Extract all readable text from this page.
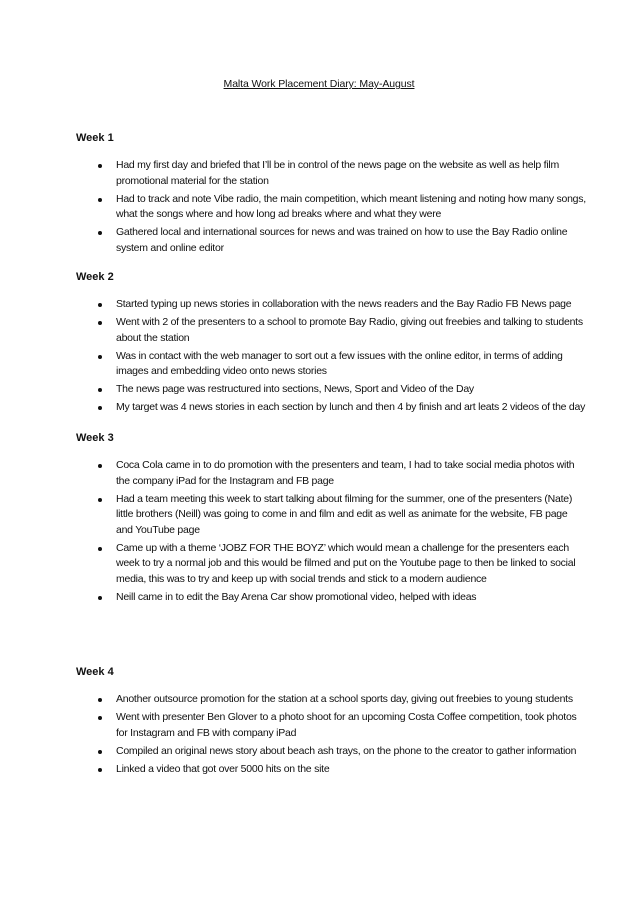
Malta Work Placement Diary: May-August
Week 1
Had my first day and briefed that I’ll be in control of the news page on the website as well as help film promotional material for the station
Had to track and note Vibe radio, the main competition, which meant listening and noting how many songs, what the songs where and how long ad breaks where and what they were
Gathered local and international sources for news and was trained on how to use the Bay Radio online system and online editor
Week 2
Started typing up news stories in collaboration with the news readers and the Bay Radio FB News page
Went with 2 of the presenters to a school to promote Bay Radio, giving out freebies and talking to students about the station
Was in contact with the web manager to sort out a few issues with the online editor, in terms of adding images and embedding video onto news stories
The news page was restructured into sections, News, Sport and Video of the Day
My target was 4 news stories in each section by lunch and then 4 by finish and art leats 2 videos of the day
Week 3
Coca Cola came in to do promotion with the presenters and team, I had to take social media photos with the company iPad for the Instagram and FB page
Had a team meeting this week to start talking about filming for the summer, one of the presenters (Nate) little brothers (Neill) was going to come in and film and edit as well as animate for the website, FB page and YouTube page
Came up with a theme ‘JOBZ FOR THE BOYZ’ which would mean a challenge for the presenters each week to try a normal job and this would be filmed and put on the Youtube page to then be linked to social media, this was to try and keep up with social trends and stick to a modern audience
Neill came in to edit the Bay Arena Car show promotional video, helped with ideas
Week 4
Another outsource promotion for the station at a school sports day, giving out freebies to young students
Went with presenter Ben Glover to a photo shoot for an upcoming Costa Coffee competition, took photos for Instagram and FB with company iPad
Compiled an original news story about beach ash trays, on the phone to the creator to gather information
Linked a video that got over 5000 hits on the site
